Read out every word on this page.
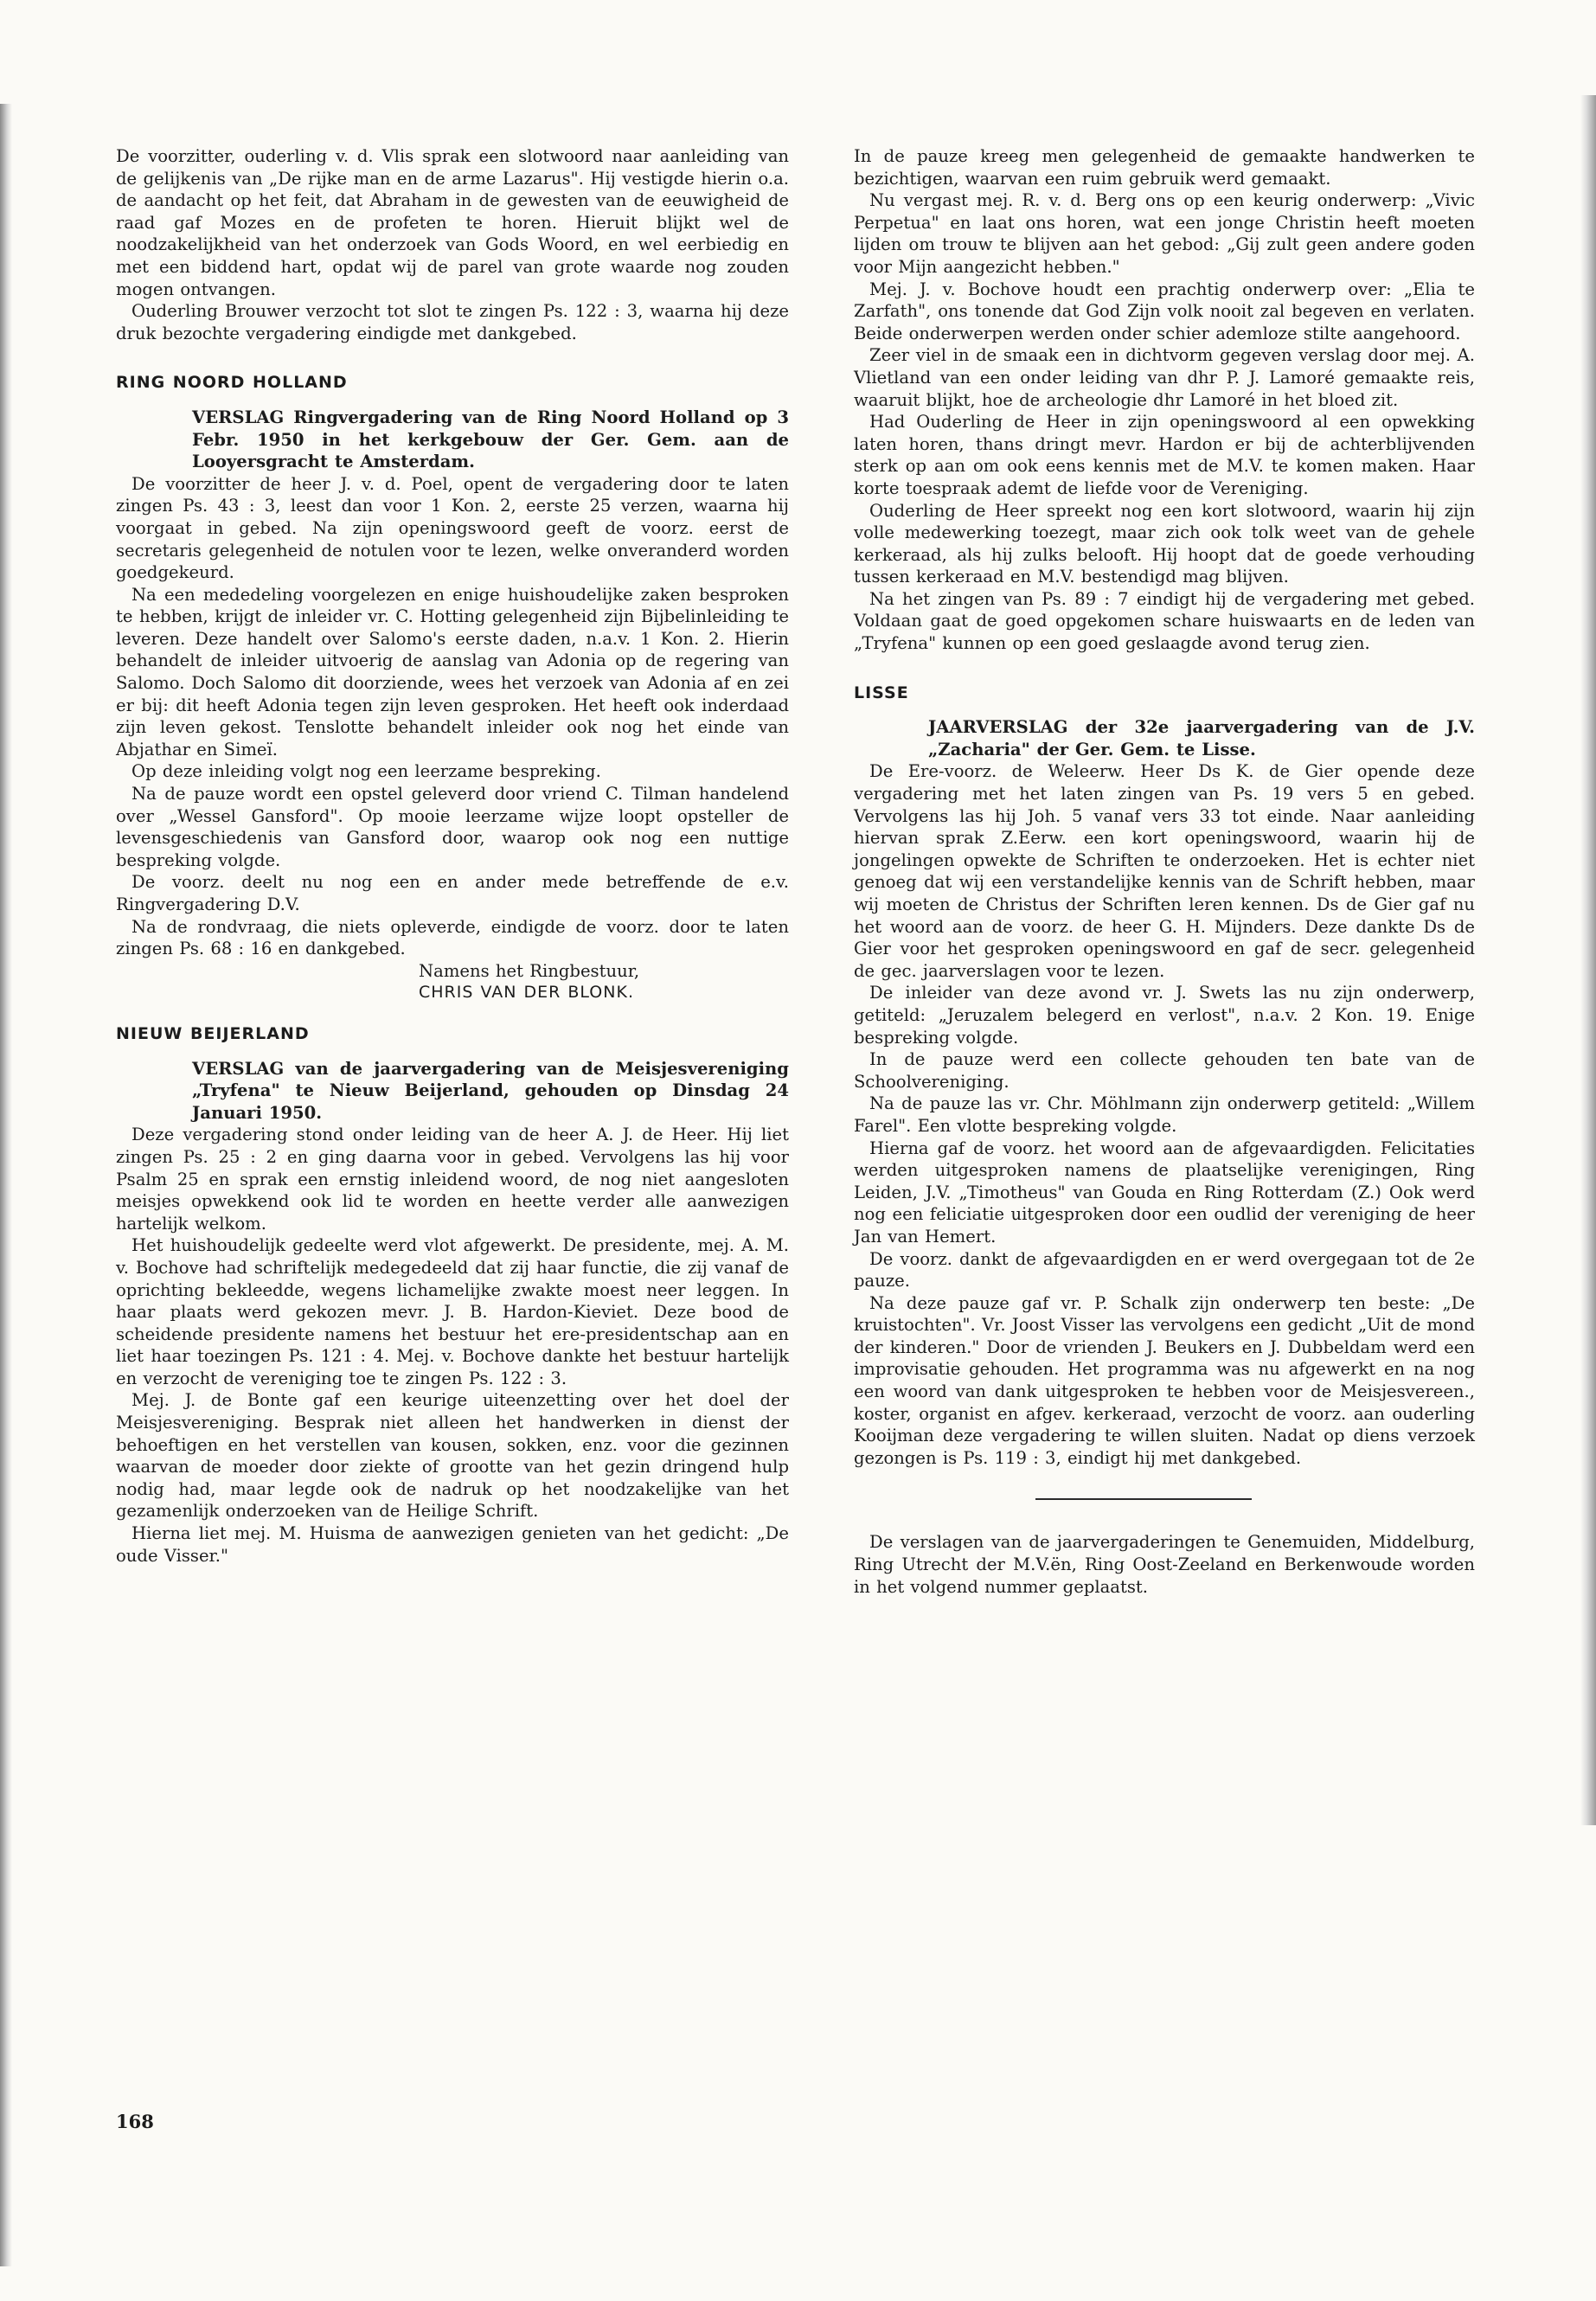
De voorzitter, ouderling v. d. Vlis sprak een slotwoord naar aanleiding van de gelijkenis van „De rijke man en de arme Lazarus". Hij vestigde hierin o.a. de aandacht op het feit, dat Abraham in de gewesten van de eeuwigheid de raad gaf Mozes en de profeten te horen. Hieruit blijkt wel de noodzakelijkheid van het onderzoek van Gods Woord, en wel eerbiedig en met een biddend hart, opdat wij de parel van grote waarde nog zouden mogen ontvangen.

Ouderling Brouwer verzocht tot slot te zingen Ps. 122 : 3, waarna hij deze druk bezochte vergadering eindigde met dankgebed.

RING NOORD HOLLAND

VERSLAG Ringvergadering van de Ring Noord Holland op 3 Febr. 1950 in het kerkgebouw der Ger. Gem. aan de Looyersgracht te Amsterdam.

De voorzitter de heer J. v. d. Poel, opent de vergadering door te laten zingen Ps. 43 : 3, leest dan voor 1 Kon. 2, eerste 25 verzen, waarna hij voorgaat in gebed. Na zijn openingswoord geeft de voorz. eerst de secretaris gelegenheid de notulen voor te lezen, welke onveranderd worden goedgekeurd.

Na een mededeling voorgelezen en enige huishoudelijke zaken besproken te hebben, krijgt de inleider vr. C. Hotting gelegenheid zijn Bijbelinleiding te leveren. Deze handelt over Salomo's eerste daden, n.a.v. 1 Kon. 2. Hierin behandelt de inleider uitvoerig de aanslag van Adonia op de regering van Salomo. Doch Salomo dit doorziende, wees het verzoek van Adonia af en zei er bij: dit heeft Adonia tegen zijn leven gesproken. Het heeft ook inderdaad zijn leven gekost. Tenslotte behandelt inleider ook nog het einde van Abjathar en Simeï.

Op deze inleiding volgt nog een leerzame bespreking.

Na de pauze wordt een opstel geleverd door vriend C. Tilman handelend over „Wessel Gansford". Op mooie leerzame wijze loopt opsteller de levensgeschiedenis van Gansford door, waarop ook nog een nuttige bespreking volgde.

De voorz. deelt nu nog een en ander mede betreffende de e.v. Ringvergadering D.V.

Na de rondvraag, die niets opleverde, eindigde de voorz. door te laten zingen Ps. 68 : 16 en dankgebed.

Namens het Ringbestuur,

CHRIS VAN DER BLONK.

NIEUW BEIJERLAND

VERSLAG van de jaarvergadering van de Meisjesvereniging „Tryfena" te Nieuw Beijerland, gehouden op Dinsdag 24 Januari 1950.

Deze vergadering stond onder leiding van de heer A. J. de Heer. Hij liet zingen Ps. 25 : 2 en ging daarna voor in gebed. Vervolgens las hij voor Psalm 25 en sprak een ernstig inleidend woord, de nog niet aangesloten meisjes opwekkend ook lid te worden en heette verder alle aanwezigen hartelijk welkom.

Het huishoudelijk gedeelte werd vlot afgewerkt. De presidente, mej. A. M. v. Bochove had schriftelijk medegedeeld dat zij haar functie, die zij vanaf de oprichting bekleedde, wegens lichamelijke zwakte moest neer leggen. In haar plaats werd gekozen mevr. J. B. Hardon-Kieviet. Deze bood de scheidende presidente namens het bestuur het ere-presidentschap aan en liet haar toezingen Ps. 121 : 4. Mej. v. Bochove dankte het bestuur hartelijk en verzocht de vereniging toe te zingen Ps. 122 : 3.

Mej. J. de Bonte gaf een keurige uiteenzetting over het doel der Meisjesvereniging. Besprak niet alleen het handwerken in dienst der behoeftigen en het verstellen van kousen, sokken, enz. voor die gezinnen waarvan de moeder door ziekte of grootte van het gezin dringend hulp nodig had, maar legde ook de nadruk op het noodzakelijke van het gezamenlijk onderzoeken van de Heilige Schrift.

Hierna liet mej. M. Huisma de aanwezigen genieten van het gedicht: „De oude Visser."

In de pauze kreeg men gelegenheid de gemaakte handwerken te bezichtigen, waarvan een ruim gebruik werd gemaakt.

Nu vergast mej. R. v. d. Berg ons op een keurig onderwerp: „Vivic Perpetua" en laat ons horen, wat een jonge Christin heeft moeten lijden om trouw te blijven aan het gebod: „Gij zult geen andere goden voor Mijn aangezicht hebben."

Mej. J. v. Bochove houdt een prachtig onderwerp over: „Elia te Zarfath", ons tonende dat God Zijn volk nooit zal begeven en verlaten. Beide onderwerpen werden onder schier ademloze stilte aangehoord.

Zeer viel in de smaak een in dichtvorm gegeven verslag door mej. A. Vlietland van een onder leiding van dhr P. J. Lamoré gemaakte reis, waaruit blijkt, hoe de archeologie dhr Lamoré in het bloed zit.

Had Ouderling de Heer in zijn openingswoord al een opwekking laten horen, thans dringt mevr. Hardon er bij de achterblijvenden sterk op aan om ook eens kennis met de M.V. te komen maken. Haar korte toespraak ademt de liefde voor de Vereniging.

Ouderling de Heer spreekt nog een kort slotwoord, waarin hij zijn volle medewerking toezegt, maar zich ook tolk weet van de gehele kerkeraad, als hij zulks belooft. Hij hoopt dat de goede verhouding tussen kerkeraad en M.V. bestendigd mag blijven.

Na het zingen van Ps. 89 : 7 eindigt hij de vergadering met gebed. Voldaan gaat de goed opgekomen schare huiswaarts en de leden van „Tryfena" kunnen op een goed geslaagde avond terug zien.

LISSE

JAARVERSLAG der 32e jaarvergadering van de J.V. „Zacharia" der Ger. Gem. te Lisse.

De Ere-voorz. de Weleerw. Heer Ds K. de Gier opende deze vergadering met het laten zingen van Ps. 19 vers 5 en gebed. Vervolgens las hij Joh. 5 vanaf vers 33 tot einde. Naar aanleiding hiervan sprak Z.Eerw. een kort openingswoord, waarin hij de jongelingen opwekte de Schriften te onderzoeken. Het is echter niet genoeg dat wij een verstandelijke kennis van de Schrift hebben, maar wij moeten de Christus der Schriften leren kennen. Ds de Gier gaf nu het woord aan de voorz. de heer G. H. Mijnders. Deze dankte Ds de Gier voor het gesproken openingswoord en gaf de secr. gelegenheid de gec. jaarverslagen voor te lezen.

De inleider van deze avond vr. J. Swets las nu zijn onderwerp, getiteld: „Jeruzalem belegerd en verlost", n.a.v. 2 Kon. 19. Enige bespreking volgde.

In de pauze werd een collecte gehouden ten bate van de Schoolvereniging.

Na de pauze las vr. Chr. Möhlmann zijn onderwerp getiteld: „Willem Farel". Een vlotte bespreking volgde.

Hierna gaf de voorz. het woord aan de afgevaardigden. Felicitaties werden uitgesproken namens de plaatselijke verenigingen, Ring Leiden, J.V. „Timotheus" van Gouda en Ring Rotterdam (Z.) Ook werd nog een feliciatie uitgesproken door een oudlid der vereniging de heer Jan van Hemert.

De voorz. dankt de afgevaardigden en er werd overgegaan tot de 2e pauze.

Na deze pauze gaf vr. P. Schalk zijn onderwerp ten beste: „De kruistochten". Vr. Joost Visser las vervolgens een gedicht „Uit de mond der kinderen." Door de vrienden J. Beukers en J. Dubbeldam werd een improvisatie gehouden. Het programma was nu afgewerkt en na nog een woord van dank uitgesproken te hebben voor de Meisjesvereen., koster, organist en afgev. kerkeraad, verzocht de voorz. aan ouderling Kooijman deze vergadering te willen sluiten. Nadat op diens verzoek gezongen is Ps. 119 : 3, eindigt hij met dankgebed.

De verslagen van de jaarvergaderingen te Genemuiden, Middelburg, Ring Utrecht der M.V.ën, Ring Oost-Zeeland en Berkenwoude worden in het volgend nummer geplaatst.

168
